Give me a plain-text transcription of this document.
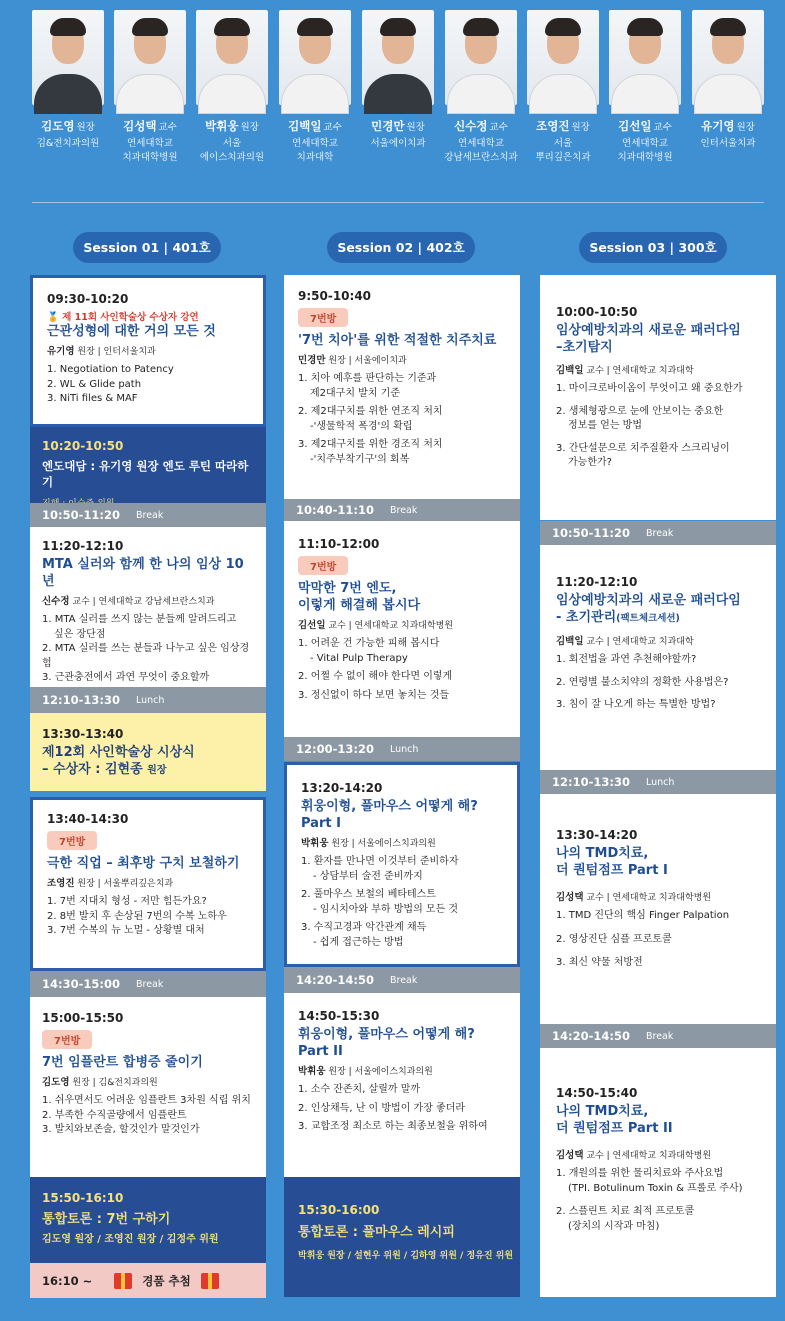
김도영 원장
김&전치과의원
김성택 교수
연세대학교
치과대학병원
박휘웅 원장
서울
에이스치과의원
김백일 교수
연세대학교
치과대학
민경만 원장
서울에이치과
신수정 교수
연세대학교
강남세브란스치과
조영진 원장
서울
뿌리깊은치과
김선일 교수
연세대학교
치과대학병원
유기영 원장
인터서울치과
Session 01 | 401호	Session 02 | 402호	Session 03 | 300호
09:30-10:20
🏅 제 11회 사인학술상 수상자 강연
근관성형에 대한 거의 모든 것
유기영 원장 | 인터서울치과
1. Negotiation to Patency
2. WL & Glide path
3. NiTi files & MAF
10:20-10:50
엔도대담 : 유기영 원장 엔도 루틴 따라하기
10:50-11:20 Break
11:20-12:10
MTA 실러와 함께 한 나의 임상 10년
신수정 교수 | 연세대학교 강남세브란스치과
1. MTA 실러를 쓰지 않는 분들께 알려드리고
싶은 장단점
2. MTA 실러를 쓰는 분들과 나누고 싶은 임상경험
3. 근관충전에서 과연 무엇이 중요할까
12:10-13:30 Lunch
13:30-13:40
제12회 사인학술상 시상식
– 수상자 : 김현종 원장
13:40-14:30
7번방
극한 직업 – 최후방 구치 보철하기
조영진 원장 | 서울뿌리깊은치과
1. 7번 지대치 형성 - 저만 힘든가요?
2. 8번 발치 후 손상된 7번의 수복 노하우
3. 7번 수복의 뉴 노멀 - 상황별 대처
14:30-15:00 Break
15:00-15:50
7번방
7번 임플란트 합병증 줄이기
김도영 원장 | 김&전치과의원
1. 쉬우면서도 어려운 임플란트 3차원 식립 위치
2. 부족한 수직골량에서 임플란트
3. 발치와보존술, 할것인가 말것인가
15:50-16:10
통합토론 : 7번 구하기
김도영 원장 / 조영진 원장 / 김정주 위원
16:10 ~	경품 추첨
9:50-10:40
7번방
'7번 치아'를 위한 적절한 치주치료
민경만 원장 | 서울에이치과
1. 치아 예후를 판단하는 기준과
제2대구치 발치 기준
2. 제2대구치를 위한 연조직 처치
-'생물학적 폭경'의 확립
3. 제2대구치를 위한 경조직 처치
-'치주부착기구'의 회복
10:40-11:10 Break
11:10-12:00
7번방
막막한 7번 엔도,
이렇게 해결해 봅시다
김선일 교수 | 연세대학교 치과대학병원
1. 어려운 건 가능한 피해 봅시다
- Vital Pulp Therapy
2. 어쩔 수 없이 해야 한다면 이렇게
3. 정신없이 하다 보면 놓치는 것들
12:00-13:20 Lunch
13:20-14:20
휘웅이형, 풀마우스 어떻게 해? Part I
박휘웅 원장 | 서울에이스치과의원
1. 환자를 만나면 이것부터 준비하자
- 상담부터 술전 준비까지
2. 풀마우스 보철의 베타테스트
- 임시치아와 부하 방법의 모든 것
3. 수직고경과 악간관계 채득
- 쉽게 접근하는 방법
14:20-14:50 Break
14:50-15:30
휘웅이형, 풀마우스 어떻게 해? Part II
박휘웅 원장 | 서울에이스치과의원
1. 소수 잔존치, 살릴까 말까
2. 인상채득, 난 이 방법이 가장 좋더라
3. 교합조정 최소로 하는 최종보철을 위하여
15:30-16:00
통합토론 : 풀마우스 레시피
박휘웅 원장 / 설현우 위원 / 김하영 위원 / 정유진 위원
10:00-10:50
임상예방치과의 새로운 패러다임
–초기탐지
김백일 교수 | 연세대학교 치과대학
1. 마이크로바이옴이 무엇이고 왜 중요한가
2. 생체형광으로 눈에 안보이는 중요한
정보를 얻는 방법
3. 간단설문으로 치주질환자 스크리닝이
가능한가?
10:50-11:20 Break
11:20-12:10
임상예방치과의 새로운 패러다임
- 초기관리(팩트체크세션)
김백일 교수 | 연세대학교 치과대학
1. 회전법을 과연 추천해야할까?
2. 연령별 불소치약의 정확한 사용법은?
3. 침이 잘 나오게 하는 특별한 방법?
12:10-13:30 Lunch
13:30-14:20
나의 TMD치료,
더 퀀텀점프 Part I
김성택 교수 | 연세대학교 치과대학병원
1. TMD 진단의 핵심 Finger Palpation
2. 영상진단 심플 프로토콜
3. 최신 약물 처방전
14:20-14:50 Break
14:50-15:40
나의 TMD치료,
더 퀀텀점프 Part II
김성택 교수 | 연세대학교 치과대학병원
1. 개원의를 위한 물리치료와 주사요법
(TPI. Botulinum Toxin & 프롤로 주사)
2. 스플린트 치료 최적 프로토콜
(장치의 시작과 마침)
